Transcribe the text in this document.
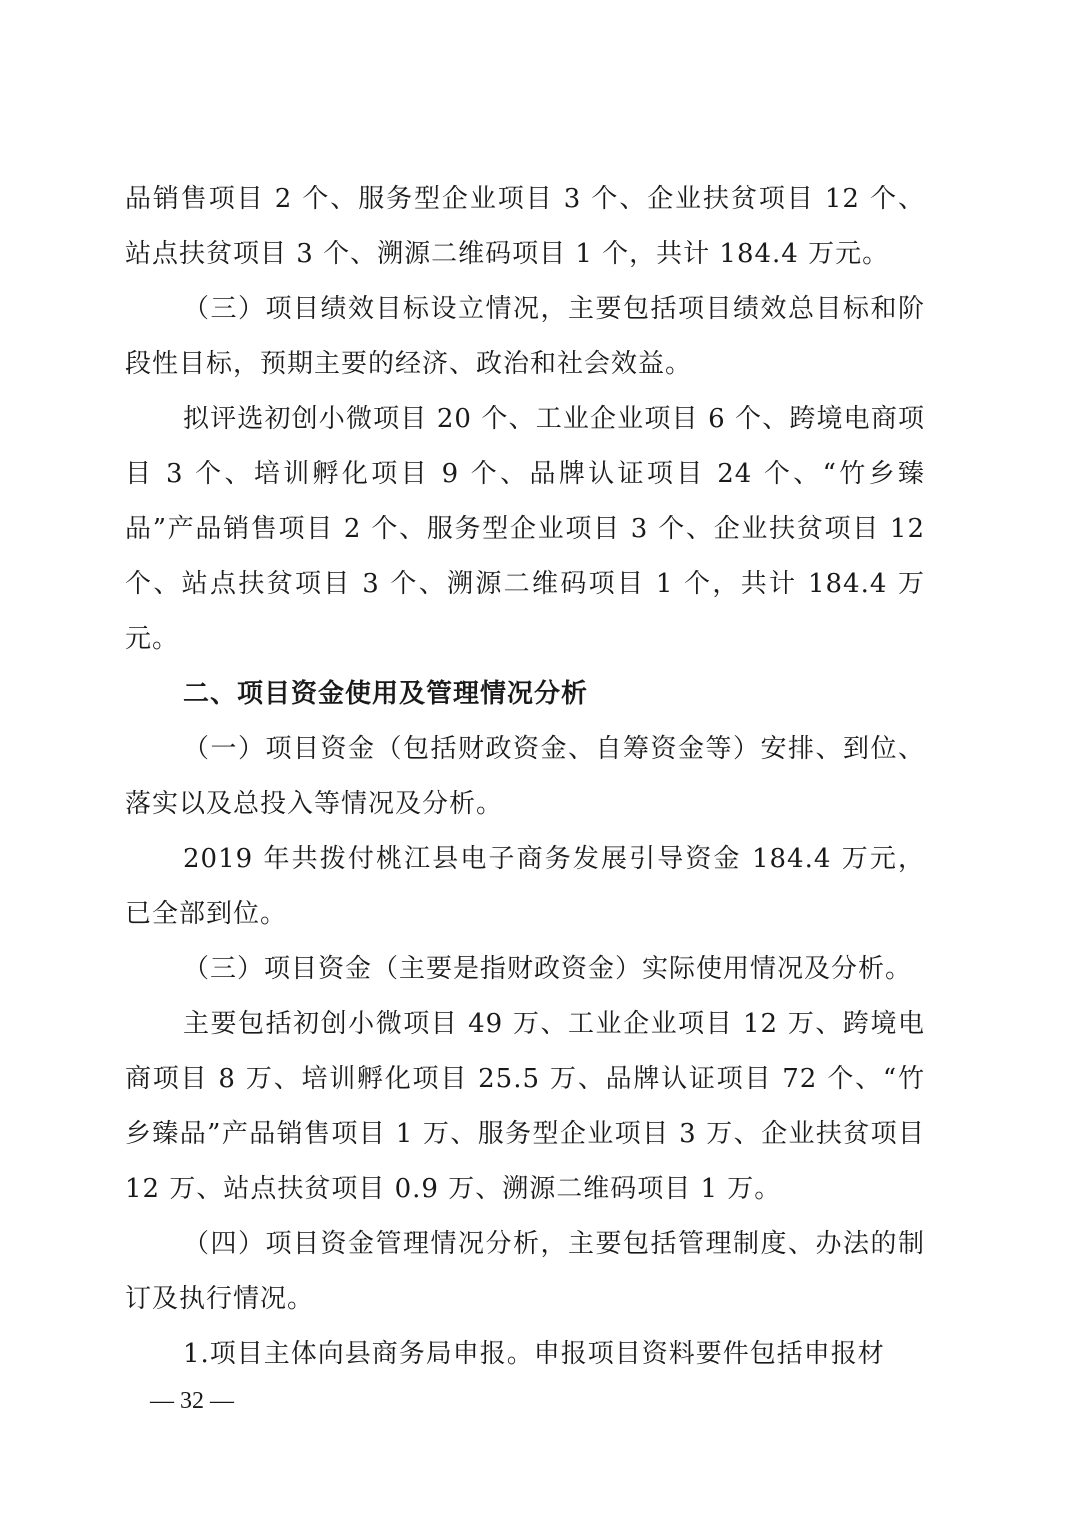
品销售项目 2 个、服务型企业项目 3 个、企业扶贫项目 12 个、站点扶贫项目 3 个、溯源二维码项目 1 个，共计 184.4 万元。

（三）项目绩效目标设立情况，主要包括项目绩效总目标和阶段性目标，预期主要的经济、政治和社会效益。

拟评选初创小微项目 20 个、工业企业项目 6 个、跨境电商项目 3 个、培训孵化项目 9 个、品牌认证项目 24 个、“竹乡臻品”产品销售项目 2 个、服务型企业项目 3 个、企业扶贫项目 12 个、站点扶贫项目 3 个、溯源二维码项目 1 个，共计 184.4 万元。

二、项目资金使用及管理情况分析

（一）项目资金（包括财政资金、自筹资金等）安排、到位、落实以及总投入等情况及分析。

2019 年共拨付桃江县电子商务发展引导资金 184.4 万元，已全部到位。

（三）项目资金（主要是指财政资金）实际使用情况及分析。

主要包括初创小微项目 49 万、工业企业项目 12 万、跨境电商项目 8 万、培训孵化项目 25.5 万、品牌认证项目 72 个、“竹乡臻品”产品销售项目 1 万、服务型企业项目 3 万、企业扶贫项目 12 万、站点扶贫项目 0.9 万、溯源二维码项目 1 万。

（四）项目资金管理情况分析，主要包括管理制度、办法的制订及执行情况。

1.项目主体向县商务局申报。申报项目资料要件包括申报材

— 32 —
